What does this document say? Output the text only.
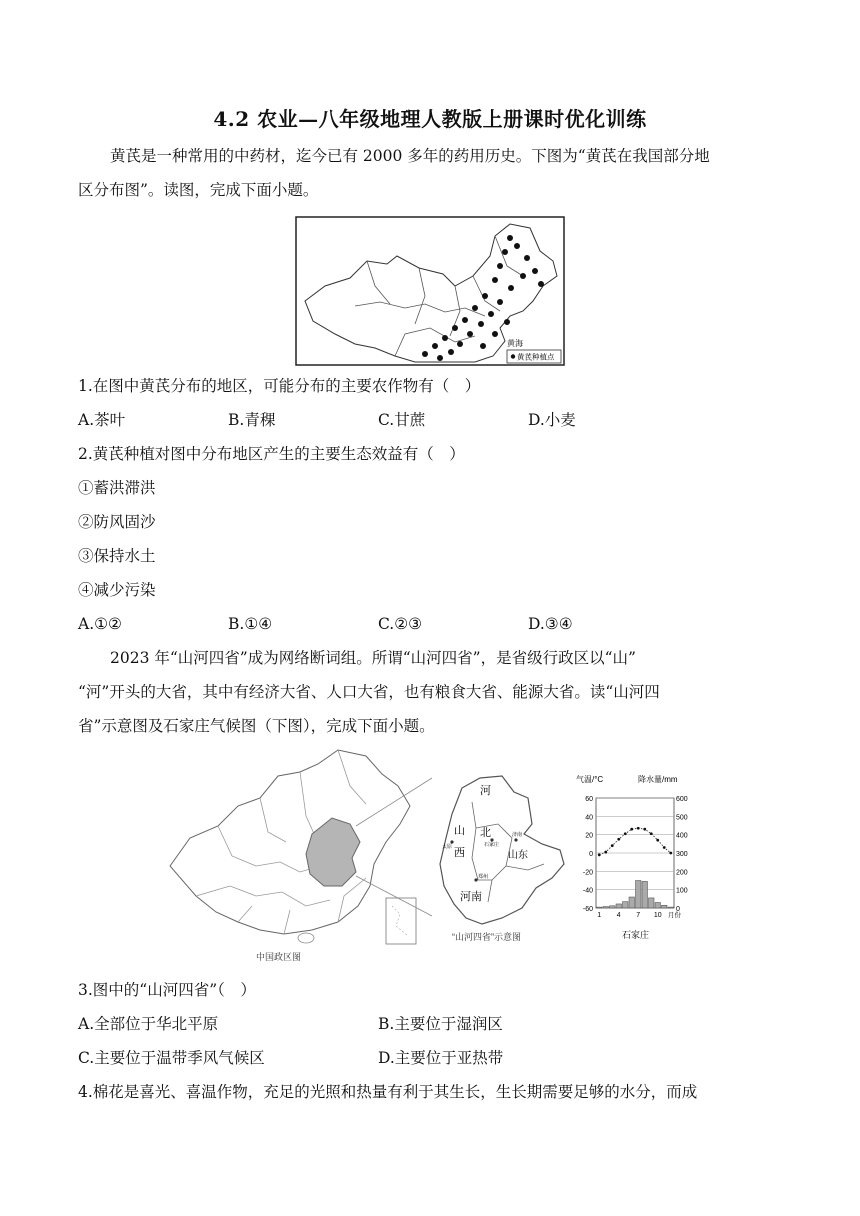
4.2 农业—八年级地理人教版上册课时优化训练
黄芪是一种常用的中药材，迄今已有 2000 多年的药用历史。下图为“黄芪在我国部分地
区分布图”。读图，完成下面小题。
黄海
黄芪种植点
1.在图中黄芪分布的地区，可能分布的主要农作物有（　）
A.茶叶	B.青稞	C.甘蔗	D.小麦
2.黄芪种植对图中分布地区产生的主要生态效益有（　）
①蓄洪滞洪
②防风固沙
③保持水土
④减少污染
A.①②	B.①④	C.②③	D.③④
2023 年“山河四省”成为网络断词组。所谓“山河四省”，是省级行政区以“山”
“河”开头的大省，其中有经济大省、人口大省，也有粮食大省、能源大省。读“山河四
省”示意图及石家庄气候图（下图），完成下面小题。
中国政区图
河
北
山
西	山东
河南
太原	石家庄
济南
郑州
“山河四省”示意图
气温/°C	降水量/mm
60
40
20
0
-20
-40
-60
600
500
400
300
200
100
0
1 4 7 10 月份
石家庄
3.图中的“山河四省”（　）
A.全部位于华北平原	B.主要位于湿润区
C.主要位于温带季风气候区	D.主要位于亚热带
4.棉花是喜光、喜温作物，充足的光照和热量有利于其生长，生长期需要足够的水分，而成
